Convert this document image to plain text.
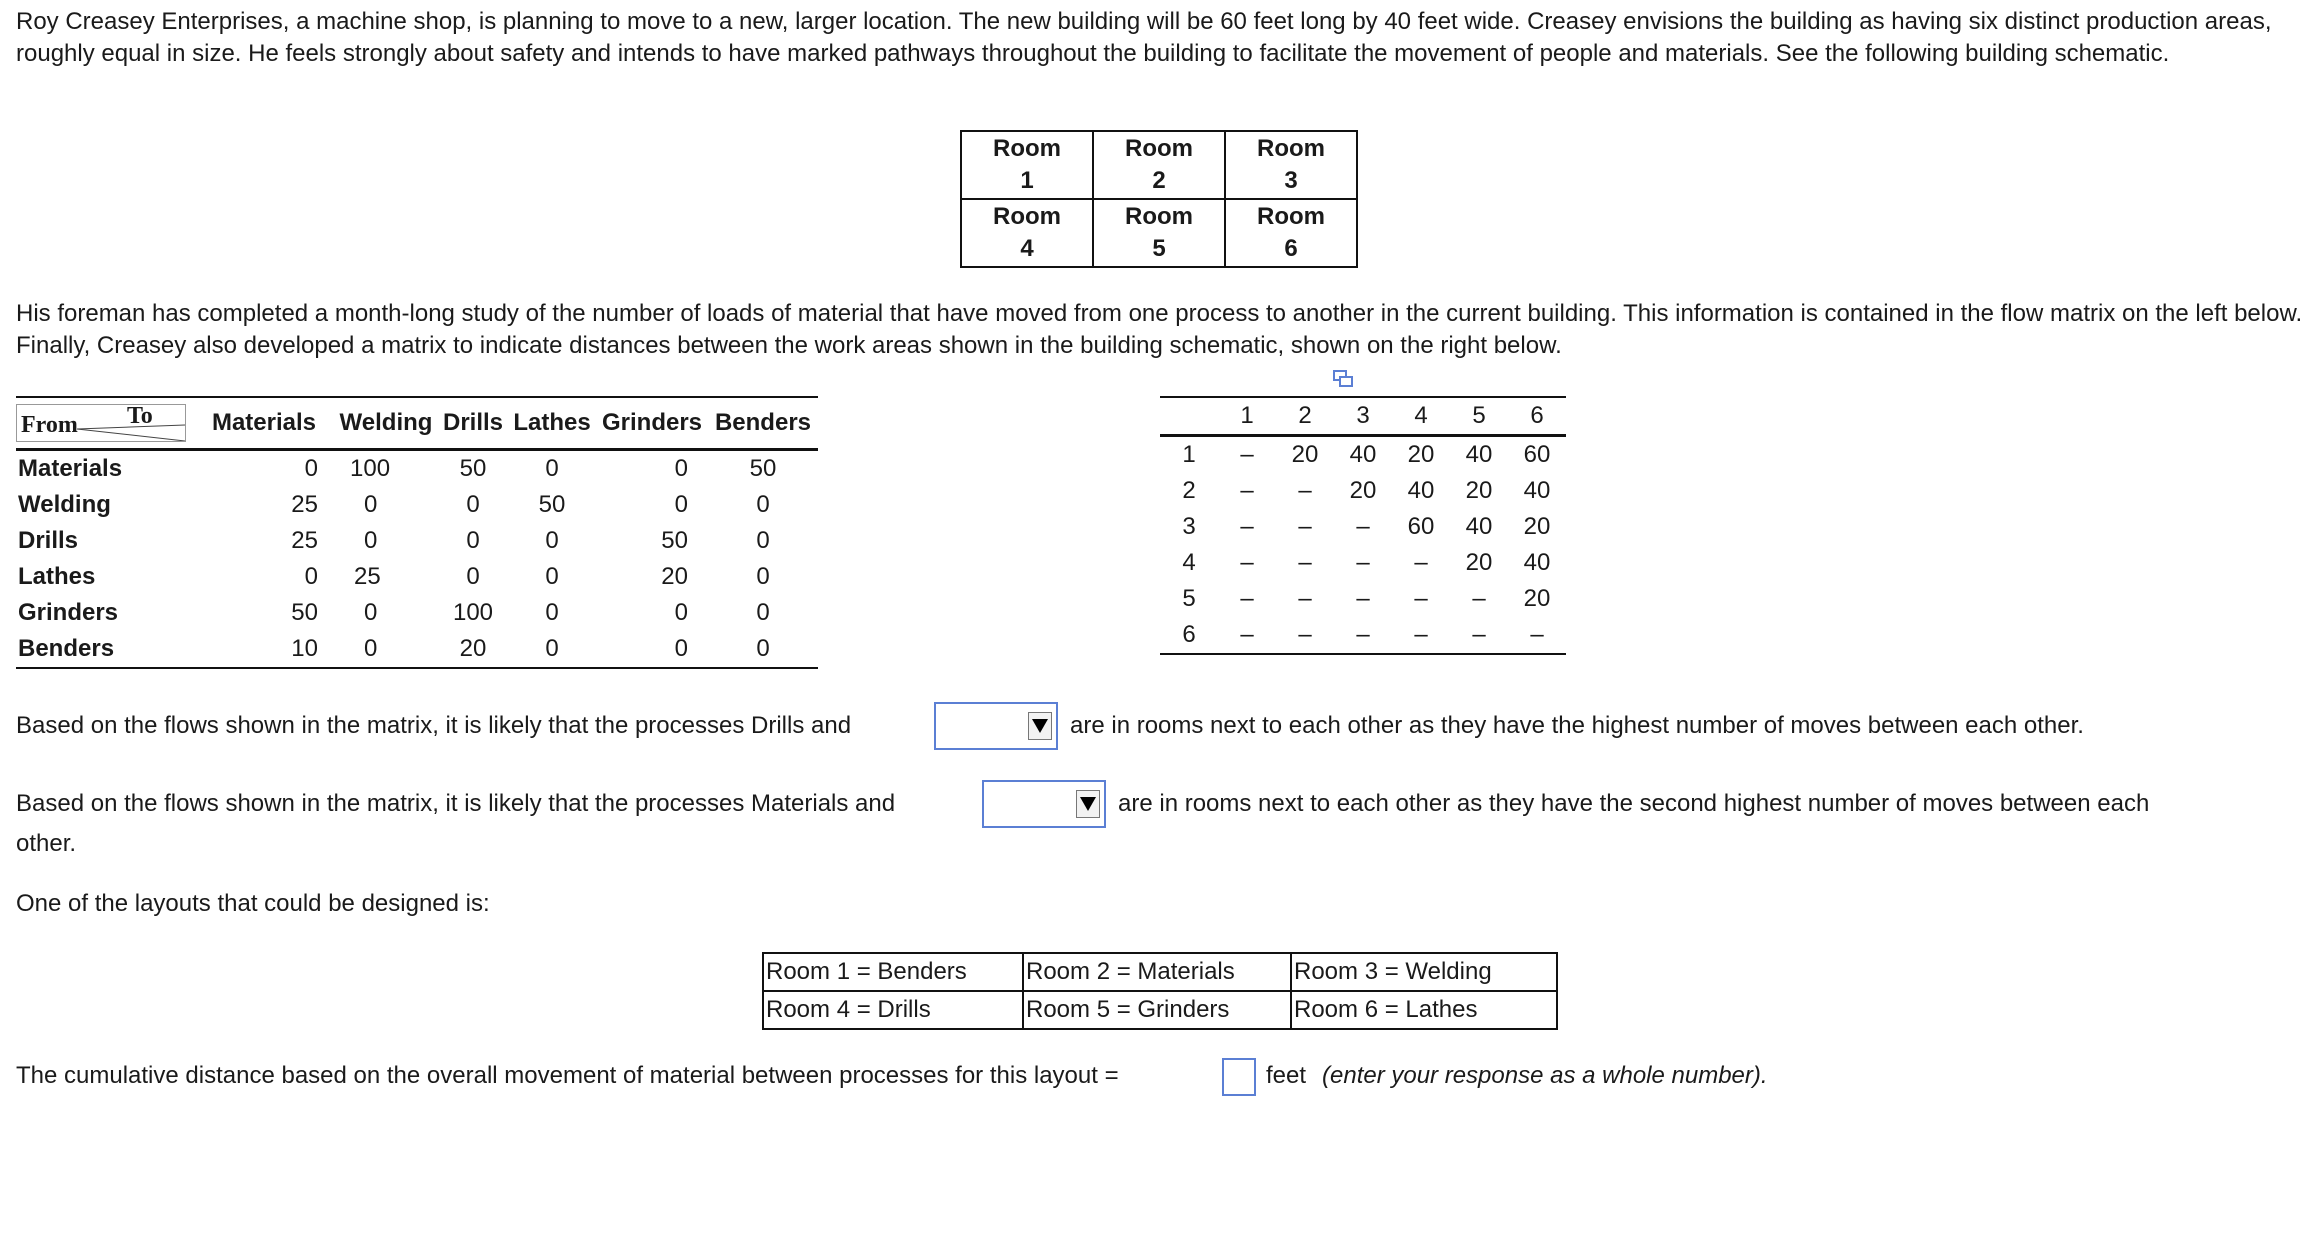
Roy Creasey Enterprises, a machine shop, is planning to move to a new, larger location. The new building will be 60 feet long by 40 feet wide. Creasey envisions the building as having six distinct production areas, roughly equal in size. He feels strongly about safety and intends to have marked pathways throughout the building to facilitate the movement of people and materials. See the following building schematic.

Room
1	Room
2	Room
3
Room
4	Room
5	Room
6

His foreman has completed a month-long study of the number of loads of material that have moved from one process to another in the current building. This information is contained in the flow matrix on the left below. Finally, Creasey also developed a matrix to indicate distances between the work areas shown in the building schematic, shown on the right below.

From To	Materials	Welding	Drills	Lathes	Grinders	Benders
Materials	0	100	50	0	0	50
Welding	25	0	0	50	0	0
Drills	25	0	0	0	50	0
Lathes	0	25	0	0	20	0
Grinders	50	0	100	0	0	0
Benders	10	0	20	0	0	0
	1	2	3	4	5	6
1	–	20	40	20	40	60
2	–	–	20	40	20	40
3	–	–	–	60	40	20
4	–	–	–	–	20	40
5	–	–	–	–	–	20
6	–	–	–	–	–	–
Based on the flows shown in the matrix, it is likely that the processes Drills and	are in rooms next to each other as they have the highest number of moves between each other.
Based on the flows shown in the matrix, it is likely that the processes Materials and	are in rooms next to each other as they have the second highest number of moves between each
other.
One of the layouts that could be designed is:
Room 1 = Benders	Room 2 = Materials	Room 3 = Welding
Room 4 = Drills	Room 5 = Grinders	Room 6 = Lathes
The cumulative distance based on the overall movement of material between processes for this layout =	feet (enter your response as a whole number).
